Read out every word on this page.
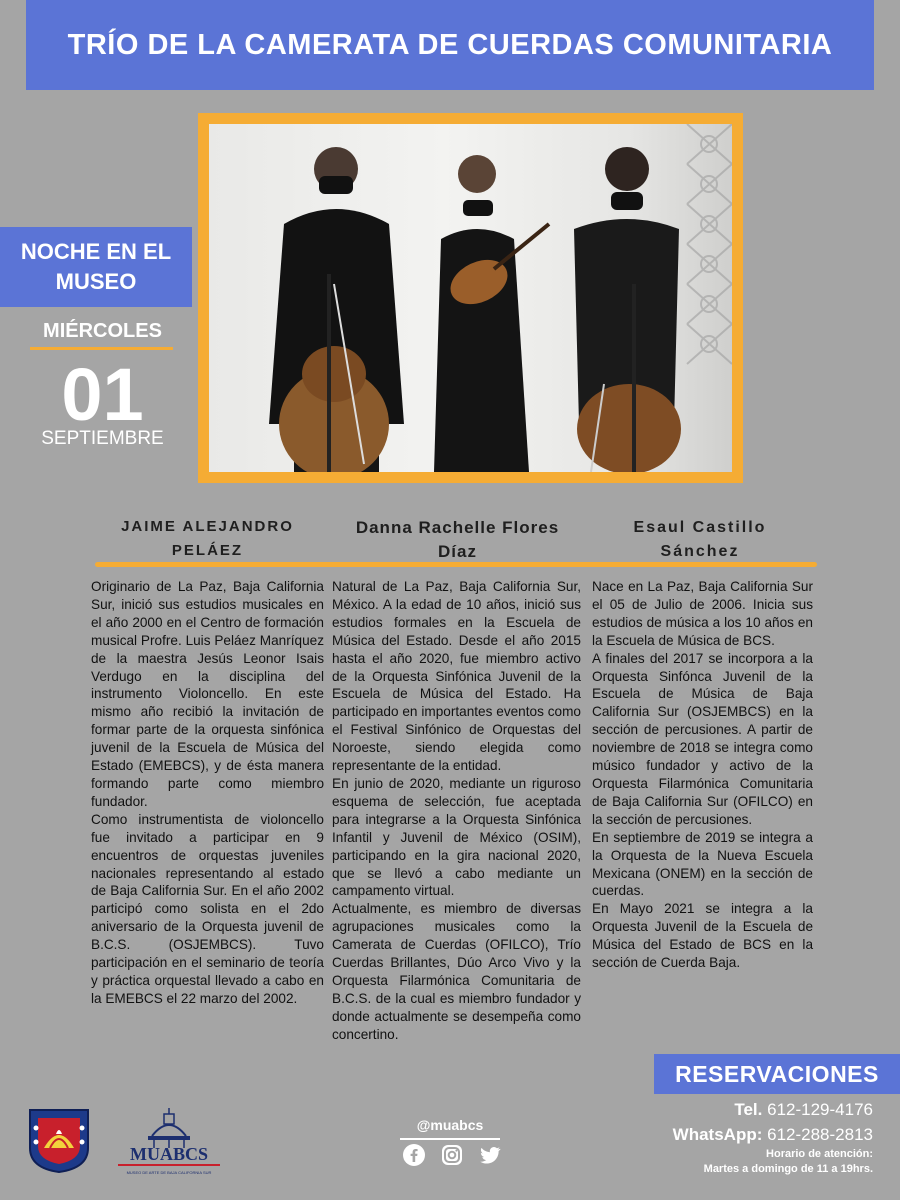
TRÍO DE LA CAMERATA DE CUERDAS COMUNITARIA
NOCHE EN EL
MUSEO
MIÉRCOLES
01
SEPTIEMBRE
JAIME ALEJANDRO
PELÁEZ
Danna Rachelle Flores
Díaz
Esaul Castillo
Sánchez

Originario de La Paz, Baja California Sur, inició sus estudios musicales en el año 2000 en el Centro de formación musical Profre. Luis Peláez Manríquez de la maestra Jesús Leonor Isais Verdugo en la disciplina del instrumento Violoncello. En este mismo año recibió la invitación de formar parte de la orquesta sinfónica juvenil de la Escuela de Música del Estado (EMEBCS), y de ésta manera formando parte como miembro fundador.

Como instrumentista de violoncello fue invitado a participar en 9 encuentros de orquestas juveniles nacionales representando al estado de Baja California Sur. En el año 2002 participó como solista en el 2do aniversario de la Orquesta juvenil de B.C.S. (OSJEMBCS). Tuvo participación en el seminario de teoría y práctica orquestal llevado a cabo en la EMEBCS el 22 marzo del 2002.

Natural de La Paz, Baja California Sur, México. A la edad de 10 años, inició sus estudios formales en la Escuela de Música del Estado. Desde el año 2015 hasta el año 2020, fue miembro activo de la Orquesta Sinfónica Juvenil de la Escuela de Música del Estado. Ha participado en importantes eventos como el Festival Sinfónico de Orquestas del Noroeste, siendo elegida como representante de la entidad.

En junio de 2020, mediante un riguroso esquema de selección, fue aceptada para integrarse a la Orquesta Sinfónica Infantil y Juvenil de México (OSIM), participando en la gira nacional 2020, que se llevó a cabo mediante un campamento virtual.

Actualmente, es miembro de diversas agrupaciones musicales como la Camerata de Cuerdas (OFILCO), Trío Cuerdas Brillantes, Dúo Arco Vivo y la Orquesta Filarmónica Comunitaria de B.C.S. de la cual es miembro fundador y donde actualmente se desempeña como concertino.

Nace en La Paz, Baja California Sur el 05 de Julio de 2006. Inicia sus estudios de música a los 10 años en la Escuela de Música de BCS.

A finales del 2017 se incorpora a la Orquesta Sinfónca Juvenil de la Escuela de Música de Baja California Sur (OSJEMBCS) en la sección de percusiones. A partir de noviembre de 2018 se integra como músico fundador y activo de la Orquesta Filarmónica Comunitaria de Baja California Sur (OFILCO) en la sección de percusiones.

En septiembre de 2019 se integra a la Orquesta de la Nueva Escuela Mexicana (ONEM) en la sección de cuerdas.

En Mayo 2021 se integra a la Orquesta Juvenil de la Escuela de Música del Estado de BCS en la sección de Cuerda Baja.

RESERVACIONES
Tel. 612-129-4176
WhatsApp: 612-288-2813
Horario de atención:
Martes a domingo de 11 a 19hrs.
@muabcs
MUABCS
MUSEO DE ARTE DE BAJA CALIFORNIA SUR
